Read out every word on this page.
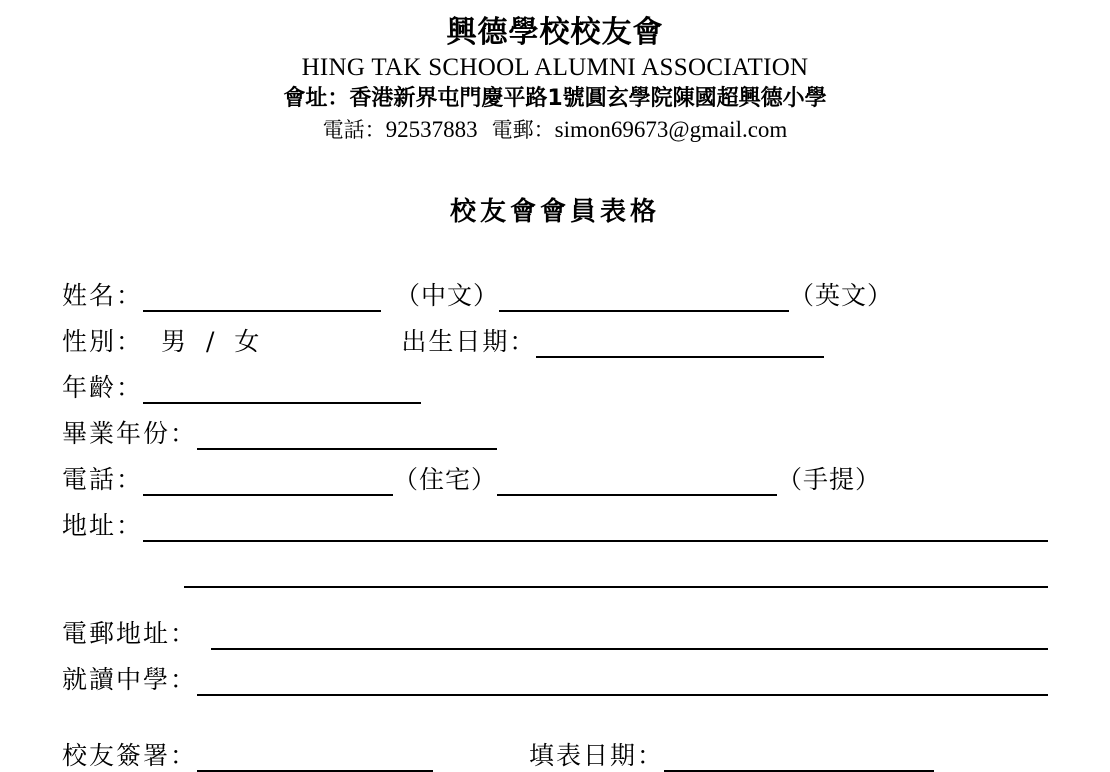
興德學校校友會
HING TAK SCHOOL ALUMNI ASSOCIATION
會址：香港新界屯門慶平路1號圓玄學院陳國超興德小學
電話：92537883 電郵：simon69673@gmail.com
校友會會員表格
姓名：	（中文）	（英文）
性別： 男 / 女	出生日期：
年齡：
畢業年份：
電話：	（住宅）	（手提）
地址：
電郵地址：
就讀中學：
校友簽署：	填表日期：
